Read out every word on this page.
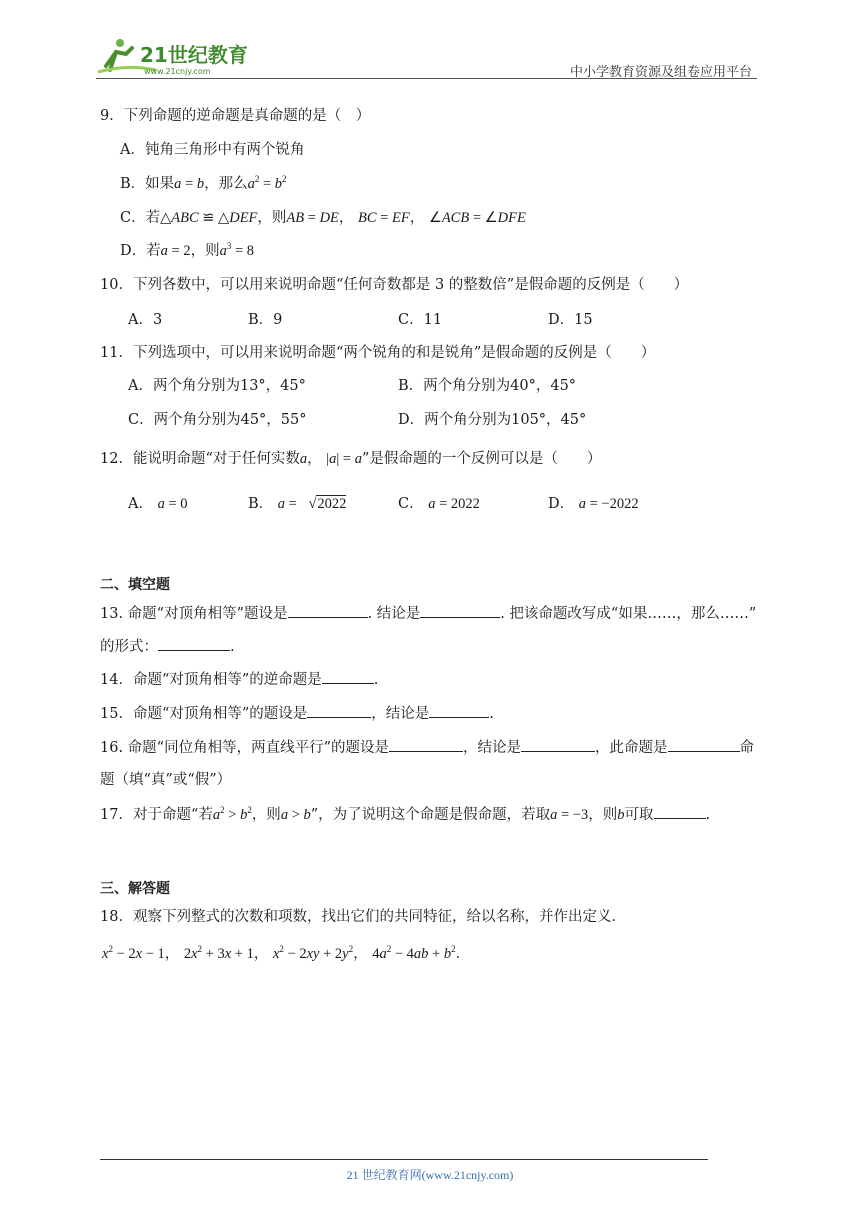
21世纪教育
www.21cnjy.com	中小学教育资源及组卷应用平台
9．下列命题的逆命题是真命题的是（　）
A．钝角三角形中有两个锐角
B．如果a = b，那么$a^2 = b^2$
C．若△ABC ≌ △DEF，则AB = DE， BC = EF， ∠ACB = ∠DFE
D．若a = 2，则$a^3 = 8$
10．下列各数中，可以用来说明命题“任何奇数都是 3 的整数倍”是假命题的反例是（　　）
A．3	B．9	C．11	D．15
11．下列选项中，可以用来说明命题“两个锐角的和是锐角”是假命题的反例是（　　）
A．两个角分别为13°，45°	B．两个角分别为40°，45°
C．两个角分别为45°，55°	D．两个角分别为105°，45°
12．能说明命题“对于任何实数a， |a| = a”是假命题的一个反例可以是（　　）
A． a = 0	B． a = √2022	C． a = 2022	D． a = −2022
二、填空题
13. 命题“对顶角相等”题设是	. 结论是	. 把该命题改写成“如果……，那么……”
的形式：	.
14．命题“对顶角相等”的逆命题是	.
15．命题“对顶角相等”的题设是	，结论是	.
16. 命题“同位角相等，两直线平行”的题设是	，结论是	，此命题是	命
题（填“真”或“假”）
17．对于命题“若$a^2 > b^2$，则a > b”，为了说明这个命题是假命题，若取a = −3，则b可取	.
三、解答题
18．观察下列整式的次数和项数，找出它们的共同特征，给以名称，并作出定义．
$x^2 - 2x - 1$， $2x^2 + 3x + 1$， $x^2 - 2xy + 2y^2$， $4a^2 - 4ab + b^2$．
21 世纪教育网(www.21cnjy.com)
